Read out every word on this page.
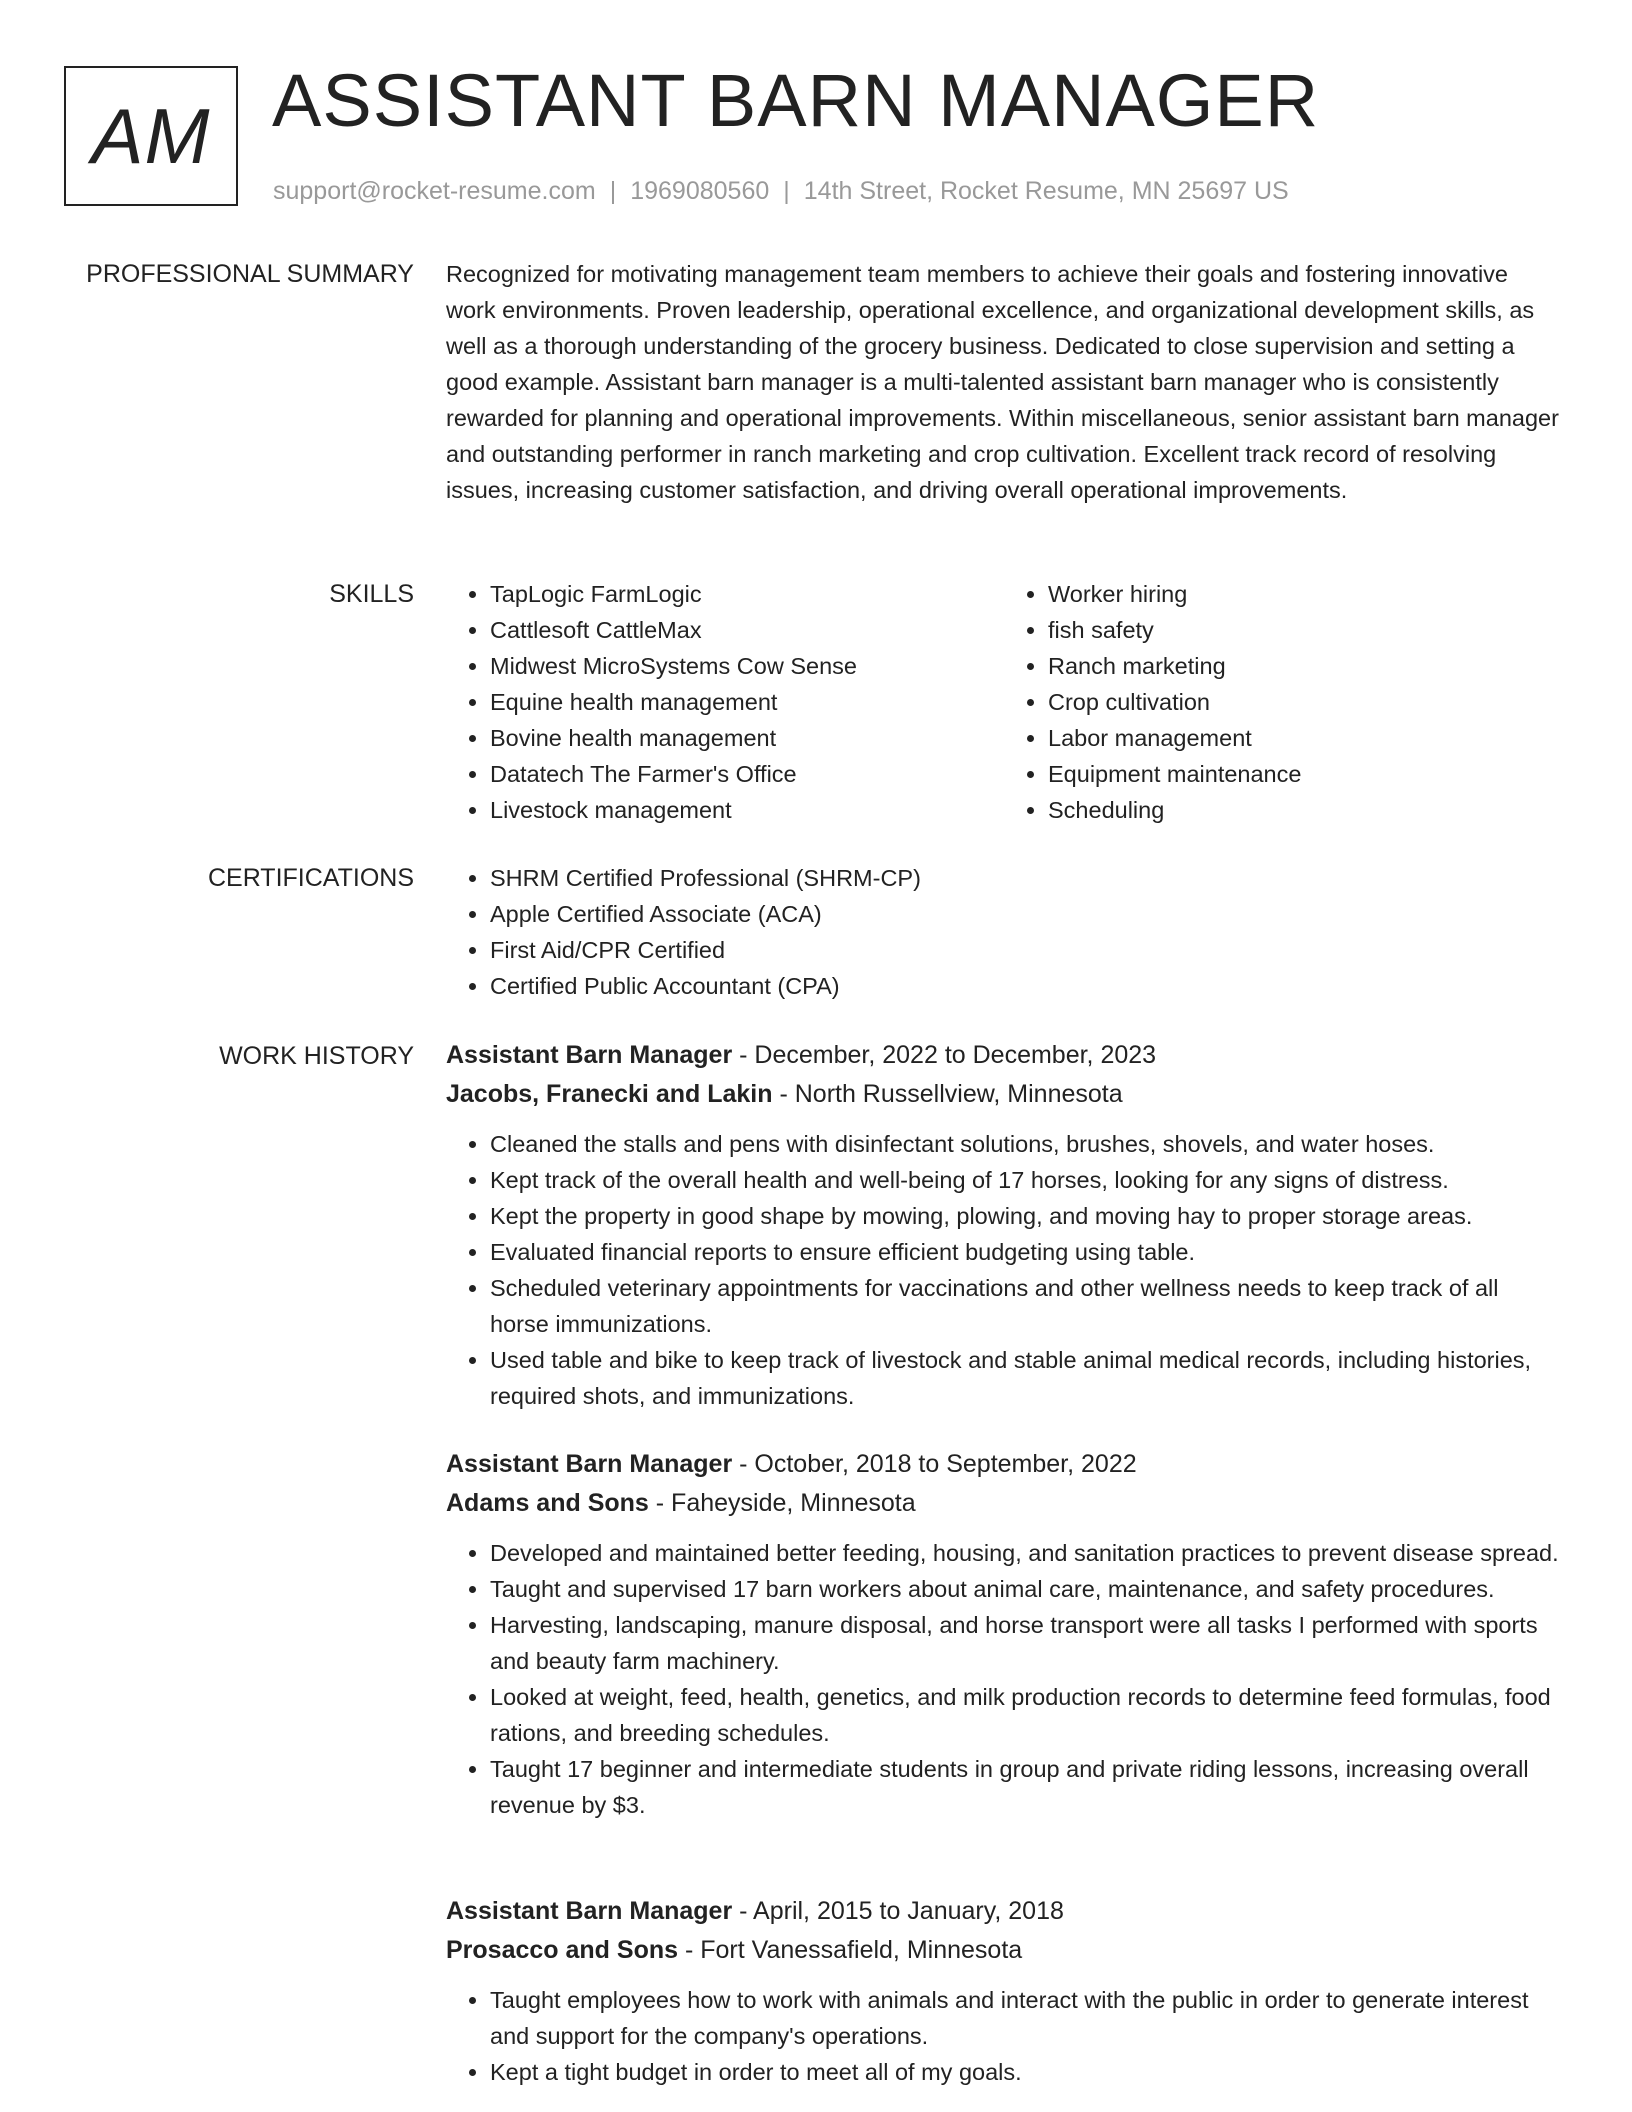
AM ASSISTANT BARN MANAGER
support@rocket-resume.com | 1969080560 | 14th Street, Rocket Resume, MN 25697 US
PROFESSIONAL SUMMARY Recognized for motivating management team members to achieve their goals and fostering innovative work environments. Proven leadership, operational excellence, and organizational development skills, as well as a thorough understanding of the grocery business. Dedicated to close supervision and setting a good example. Assistant barn manager is a multi-talented assistant barn manager who is consistently rewarded for planning and operational improvements. Within miscellaneous, senior assistant barn manager and outstanding performer in ranch marketing and crop cultivation. Excellent track record of resolving issues, increasing customer satisfaction, and driving overall operational improvements.

SKILLS	• TapLogic FarmLogic
• Cattlesoft CattleMax
• Midwest MicroSystems Cow Sense
• Equine health management
• Bovine health management
• Datatech The Farmer's Office
• Livestock management
• Worker hiring
• fish safety
• Ranch marketing
• Crop cultivation
• Labor management
• Equipment maintenance
• Scheduling
CERTIFICATIONS	• SHRM Certified Professional (SHRM-CP)
• Apple Certified Associate (ACA)
• First Aid/CPR Certified
• Certified Public Accountant (CPA)
WORK HISTORY Assistant Barn Manager - December, 2022 to December, 2023
Jacobs, Franecki and Lakin - North Russellview, Minnesota
• Cleaned the stalls and pens with disinfectant solutions, brushes, shovels, and water hoses.
• Kept track of the overall health and well-being of 17 horses, looking for any signs of distress.
• Kept the property in good shape by mowing, plowing, and moving hay to proper storage areas.
• Evaluated financial reports to ensure efficient budgeting using table.
• Scheduled veterinary appointments for vaccinations and other wellness needs to keep track of all horse immunizations.
• Used table and bike to keep track of livestock and stable animal medical records, including histories, required shots, and immunizations.
Assistant Barn Manager - October, 2018 to September, 2022
Adams and Sons - Faheyside, Minnesota
• Developed and maintained better feeding, housing, and sanitation practices to prevent disease spread.
• Taught and supervised 17 barn workers about animal care, maintenance, and safety procedures.
• Harvesting, landscaping, manure disposal, and horse transport were all tasks I performed with sports and beauty farm machinery.
• Looked at weight, feed, health, genetics, and milk production records to determine feed formulas, food rations, and breeding schedules.
• Taught 17 beginner and intermediate students in group and private riding lessons, increasing overall revenue by $3.
Assistant Barn Manager - April, 2015 to January, 2018
Prosacco and Sons - Fort Vanessafield, Minnesota
• Taught employees how to work with animals and interact with the public in order to generate interest and support for the company's operations.
• Kept a tight budget in order to meet all of my goals.
